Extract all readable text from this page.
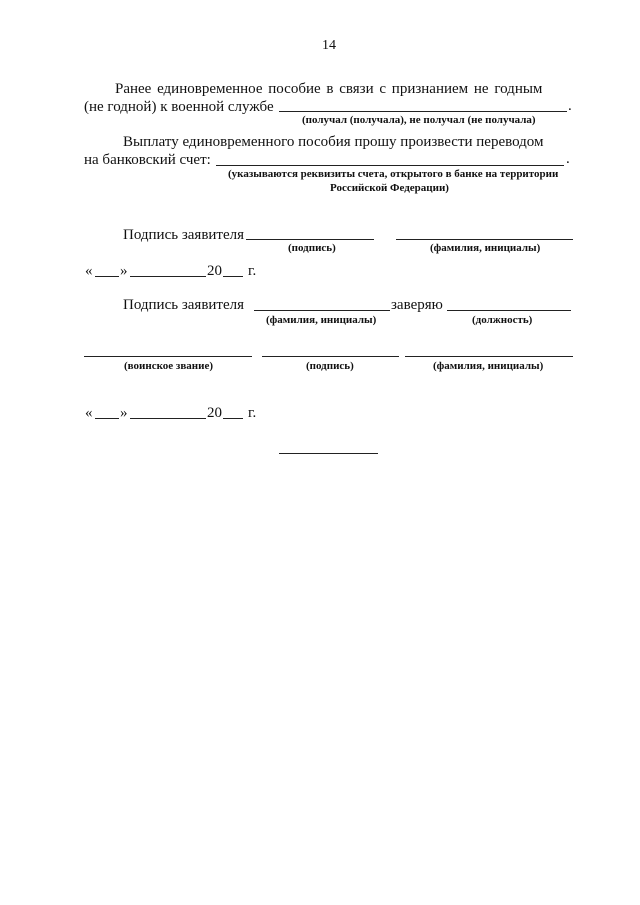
14
Ранее единовременное пособие в связи с признанием не годным
(не годной) к военной службе	.
(получал (получала), не получал (не получала)
Выплату единовременного пособия прошу произвести переводом
на банковский счет:	.
(указываются реквизиты счета, открытого в банке на территории
Российской Федерации)
Подпись заявителя
(подпись)	(фамилия, инициалы)
« »	20 г.
Подпись заявителя	заверяю
(фамилия, инициалы)	(должность)
(воинское звание)	(подпись)	(фамилия, инициалы)
« »	20 г.
